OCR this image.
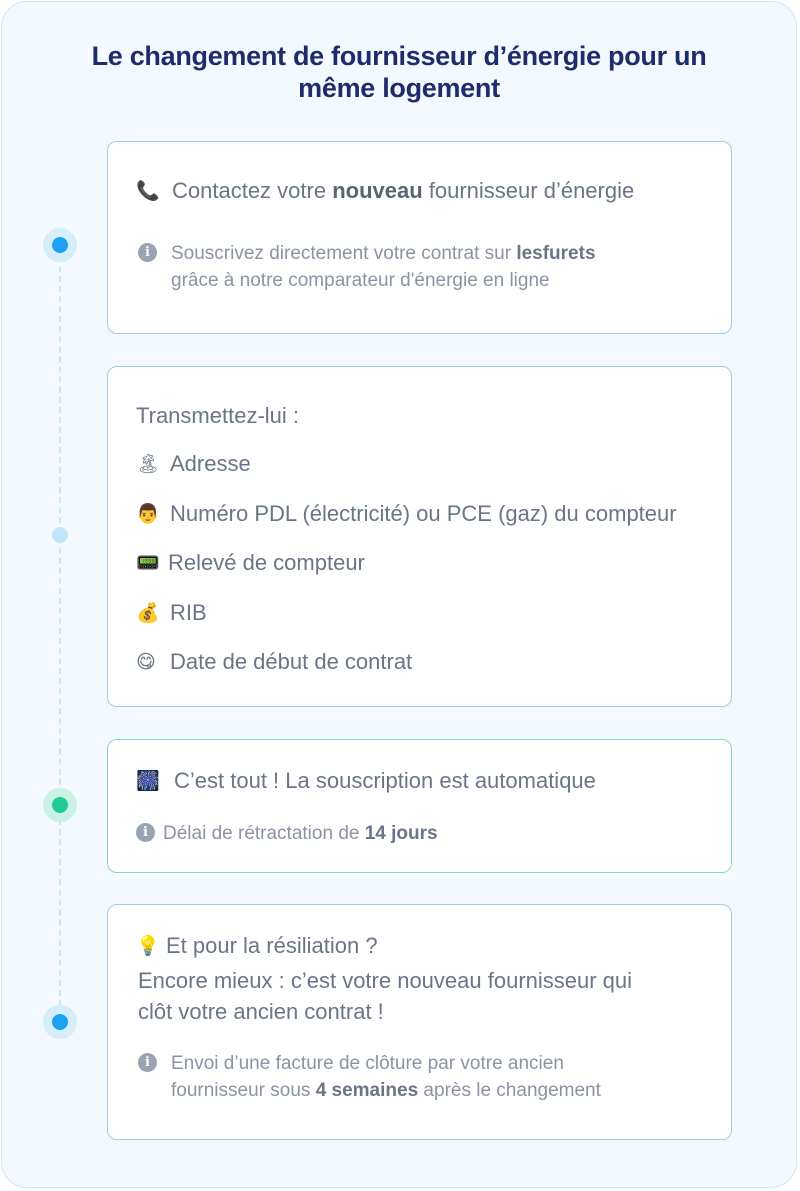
Le changement de fournisseur d’énergie pour un même logement
📞 Contactez votre nouveau fournisseur d’énergie
i	Souscrivez directement votre contrat sur lesfurets
grâce à notre comparateur d'énergie en ligne
Transmettez-lui :
🏝 Adresse
👨 Numéro PDL (électricité) ou PCE (gaz) du compteur
📟 Relevé de compteur
💰 RIB
😋 Date de début de contrat
🎆 C’est tout ! La souscription est automatique
i Délai de rétractation de 14 jours
💡 Et pour la résiliation ?
Encore mieux : c’est votre nouveau fournisseur qui
clôt votre ancien contrat !
i	Envoi d’une facture de clôture par votre ancien
fournisseur sous 4 semaines après le changement
